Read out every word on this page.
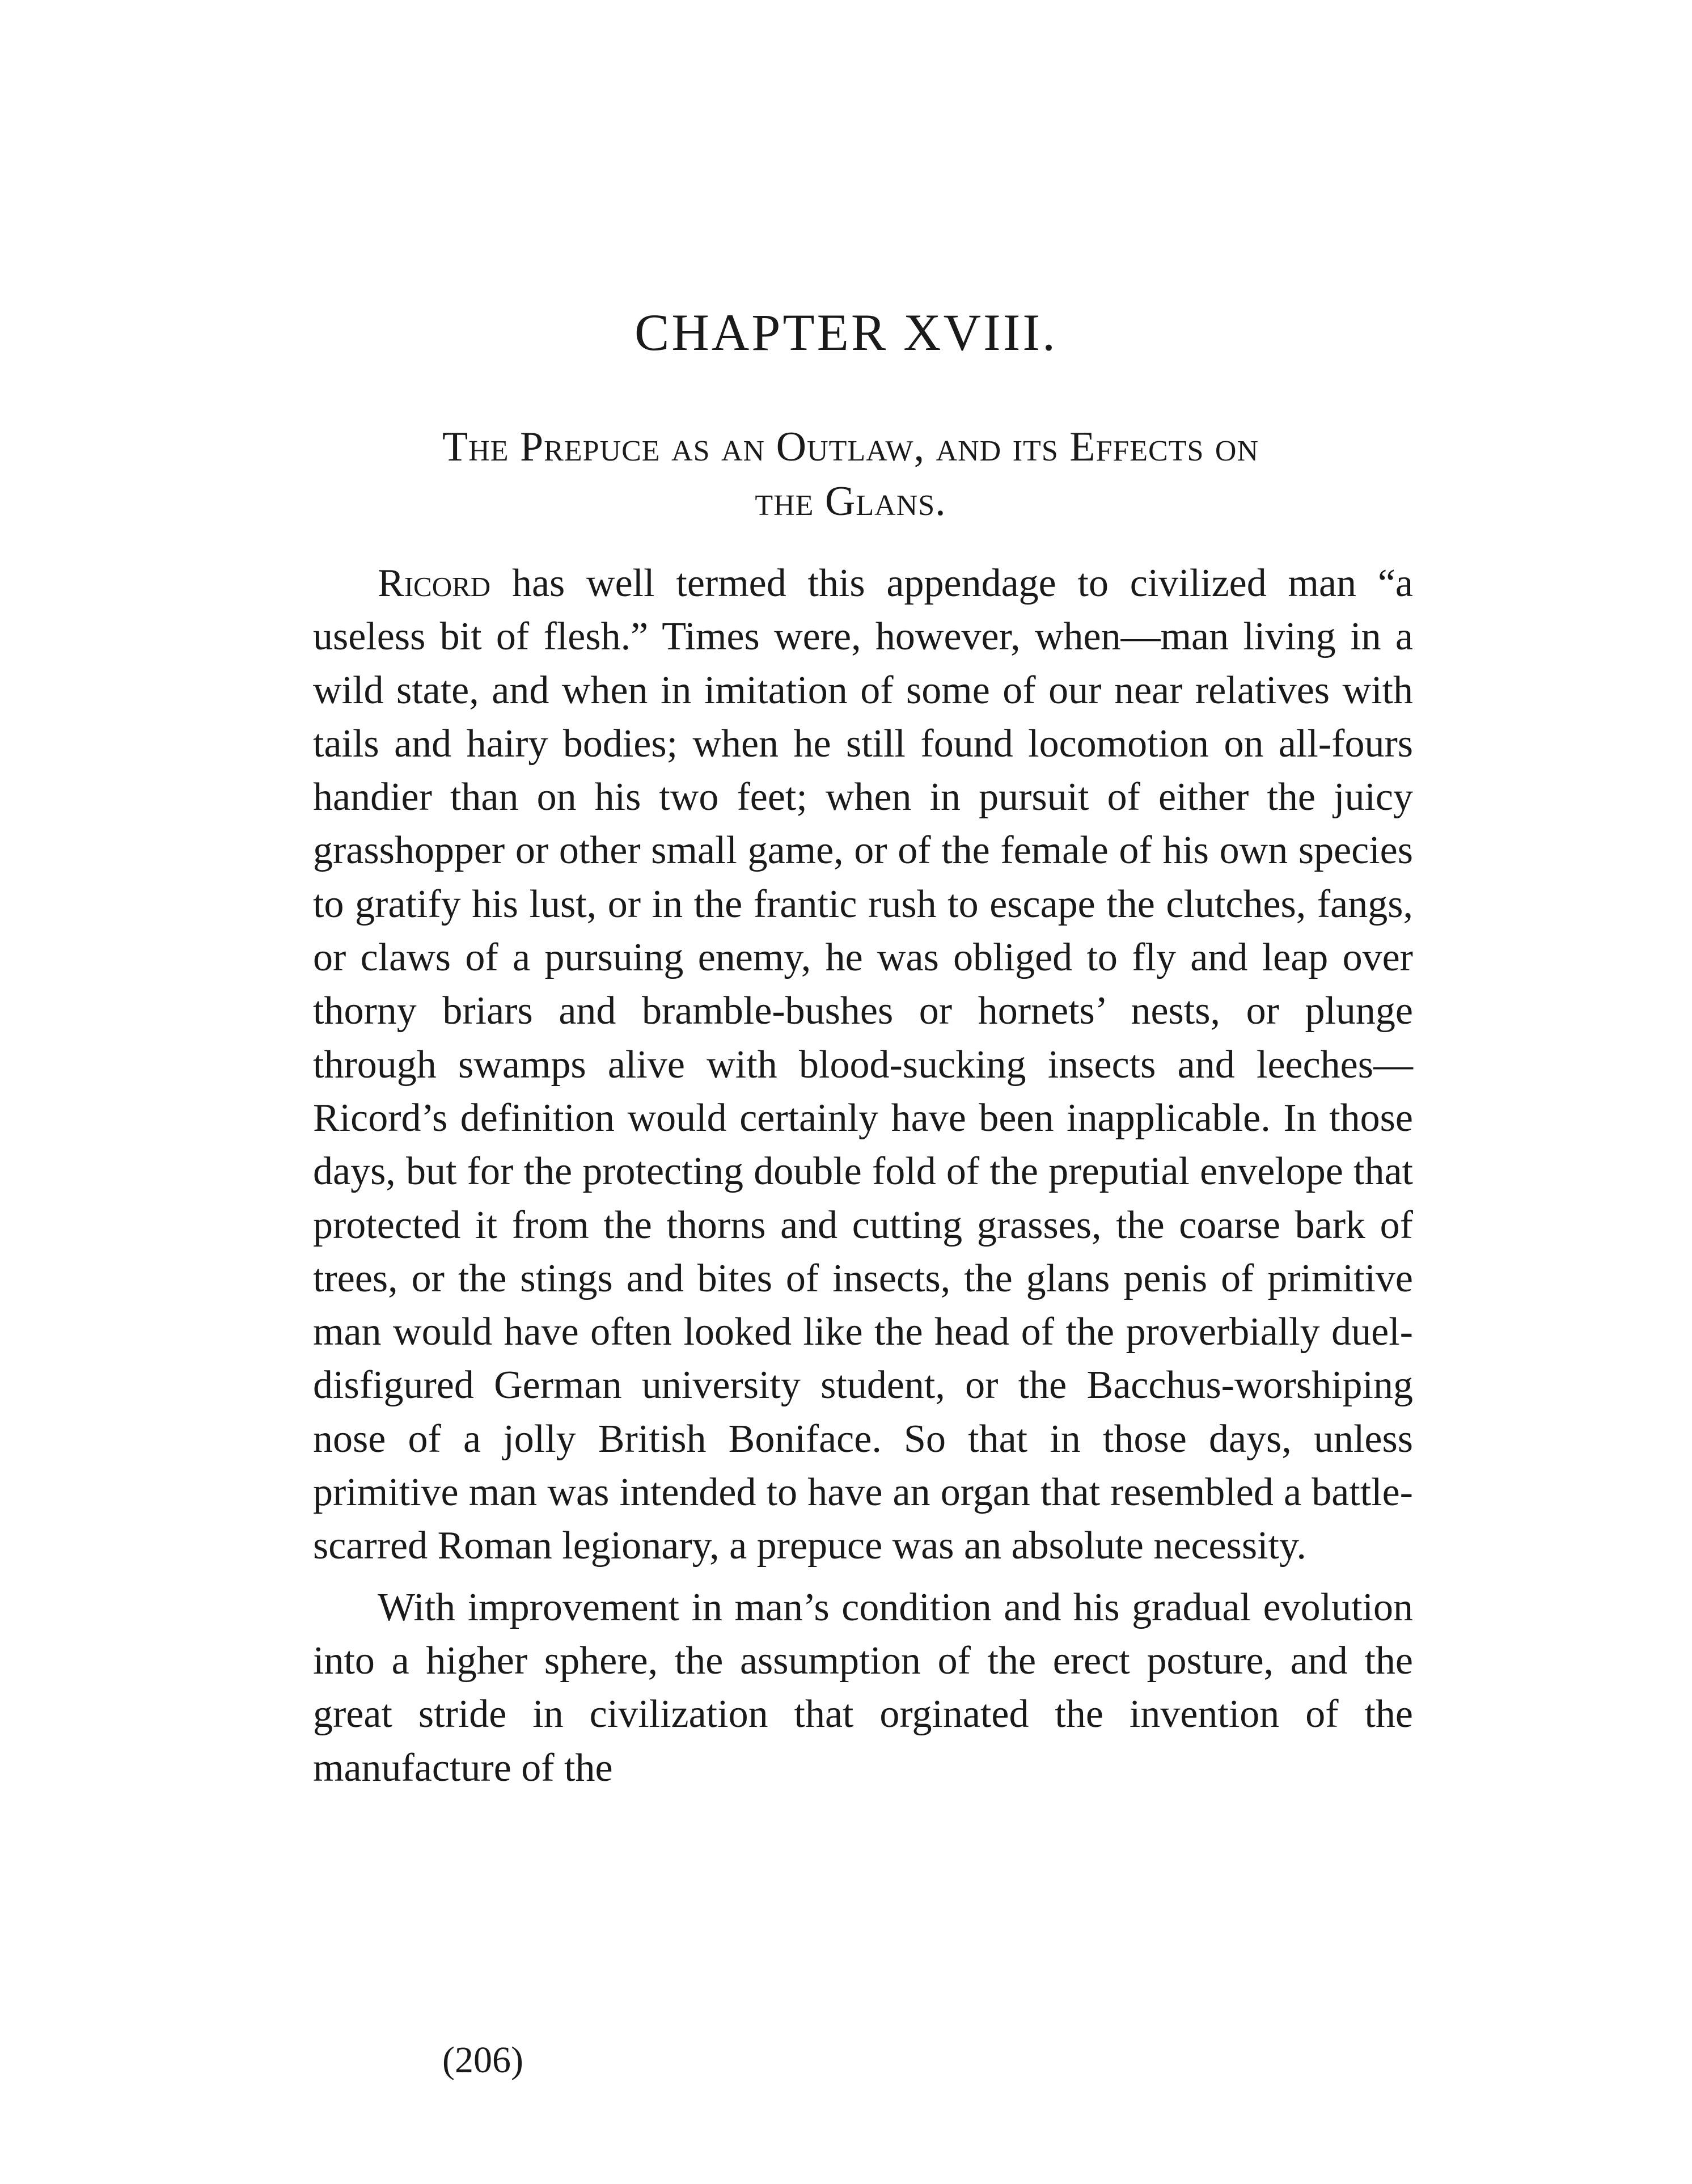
CHAPTER XVIII.
The Prepuce as an Outlaw, and its Effects on
the Glans.

Ricord has well termed this appendage to civilized man “a useless bit of flesh.” Times were, however, when—man living in a wild state, and when in imitation of some of our near relatives with tails and hairy bodies; when he still found locomotion on all-fours handier than on his two feet; when in pursuit of either the juicy grasshopper or other small game, or of the female of his own species to gratify his lust, or in the frantic rush to escape the clutches, fangs, or claws of a pursuing enemy, he was obliged to fly and leap over thorny briars and bramble-bushes or hornets’ nests, or plunge through swamps alive with blood-sucking insects and leeches—Ricord’s definition would certainly have been inapplicable. In those days, but for the protecting double fold of the preputial envelope that protected it from the thorns and cutting grasses, the coarse bark of trees, or the stings and bites of insects, the glans penis of primitive man would have often looked like the head of the proverbially duel-disfigured German university student, or the Bacchus-worshiping nose of a jolly British Boniface. So that in those days, unless primitive man was intended to have an organ that resembled a battle-scarred Roman legionary, a prepuce was an absolute necessity.

With improvement in man’s condition and his gradual evolution into a higher sphere, the assumption of the erect posture, and the great stride in civilization that orginated the invention of the manufacture of the

(206)
